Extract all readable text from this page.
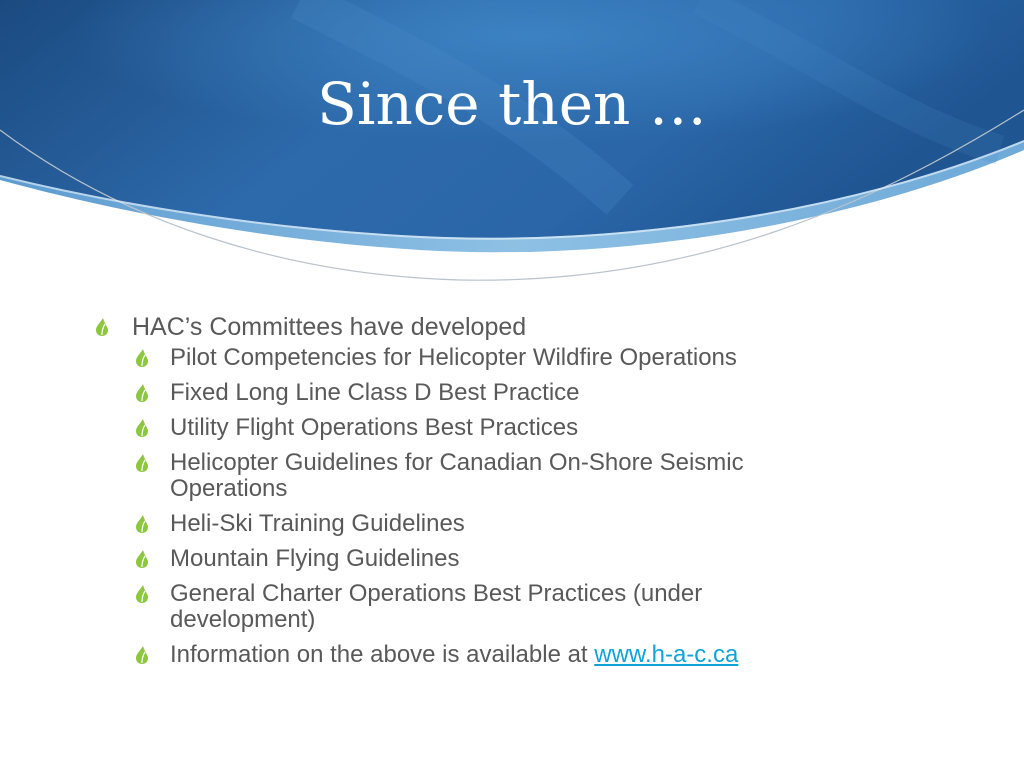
Since then …
HAC’s Committees have developed
Pilot Competencies for Helicopter Wildfire Operations
Fixed Long Line Class D Best Practice
Utility Flight Operations Best Practices
Helicopter Guidelines for Canadian On-Shore Seismic Operations
Heli-Ski Training Guidelines
Mountain Flying Guidelines
General Charter Operations Best Practices (under development)
Information on the above is available at www.h-a-c.ca
